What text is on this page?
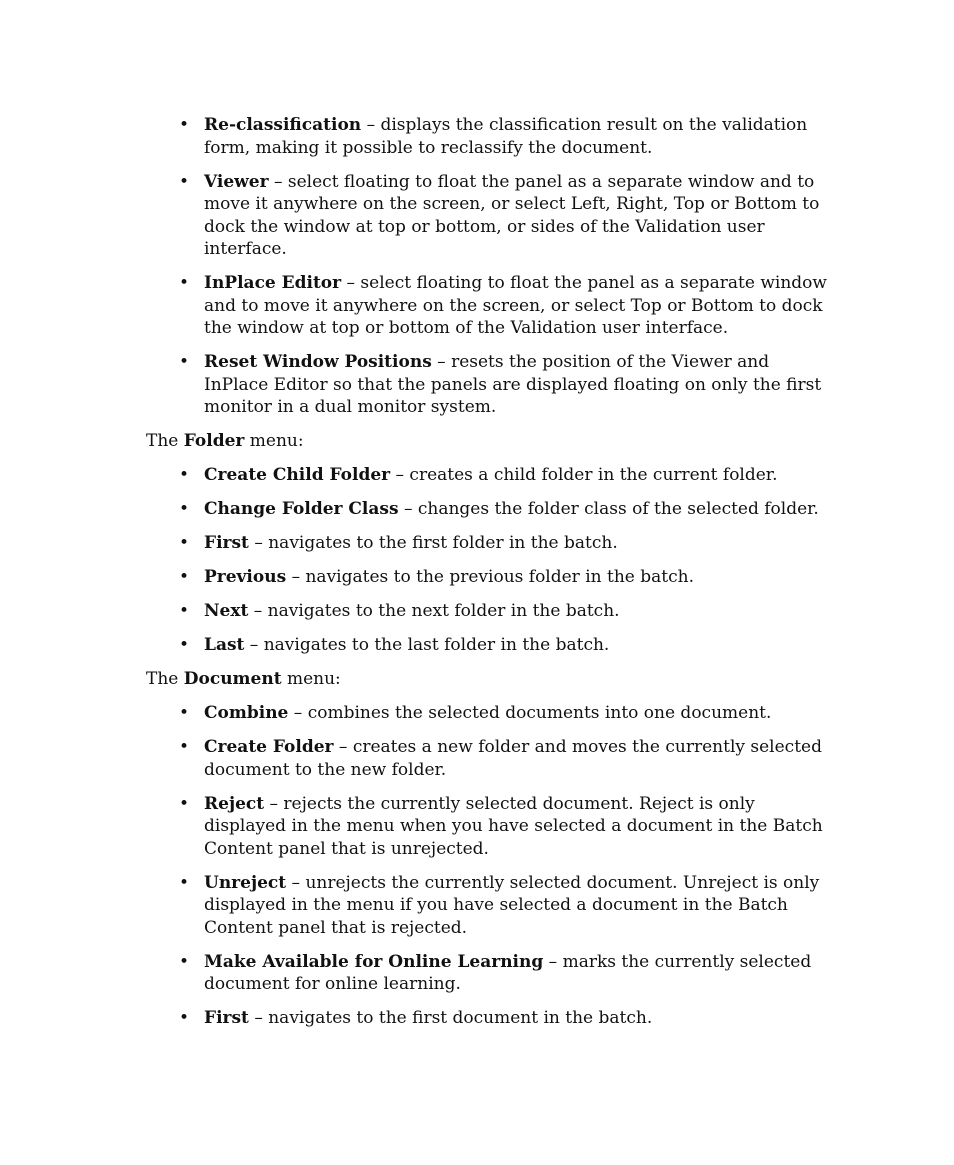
• Re-classification – displays the classification result on the validation form, making it possible to reclassify the document.
• Viewer – select floating to float the panel as a separate window and to move it anywhere on the screen, or select Left, Right, Top or Bottom to dock the window at top or bottom, or sides of the Validation user interface.
• InPlace Editor – select floating to float the panel as a separate window and to move it anywhere on the screen, or select Top or Bottom to dock the window at top or bottom of the Validation user interface.
• Reset Window Positions – resets the position of the Viewer and InPlace Editor so that the panels are displayed floating on only the first monitor in a dual monitor system.

The Folder menu:

• Create Child Folder – creates a child folder in the current folder.
• Change Folder Class – changes the folder class of the selected folder.
• First – navigates to the first folder in the batch.
• Previous – navigates to the previous folder in the batch.
• Next – navigates to the next folder in the batch.
• Last – navigates to the last folder in the batch.

The Document menu:

• Combine – combines the selected documents into one document.
• Create Folder – creates a new folder and moves the currently selected document to the new folder.
• Reject – rejects the currently selected document. Reject is only displayed in the menu when you have selected a document in the Batch Content panel that is unrejected.
• Unreject – unrejects the currently selected document. Unreject is only displayed in the menu if you have selected a document in the Batch Content panel that is rejected.
• Make Available for Online Learning – marks the currently selected document for online learning.
• First – navigates to the first document in the batch.
